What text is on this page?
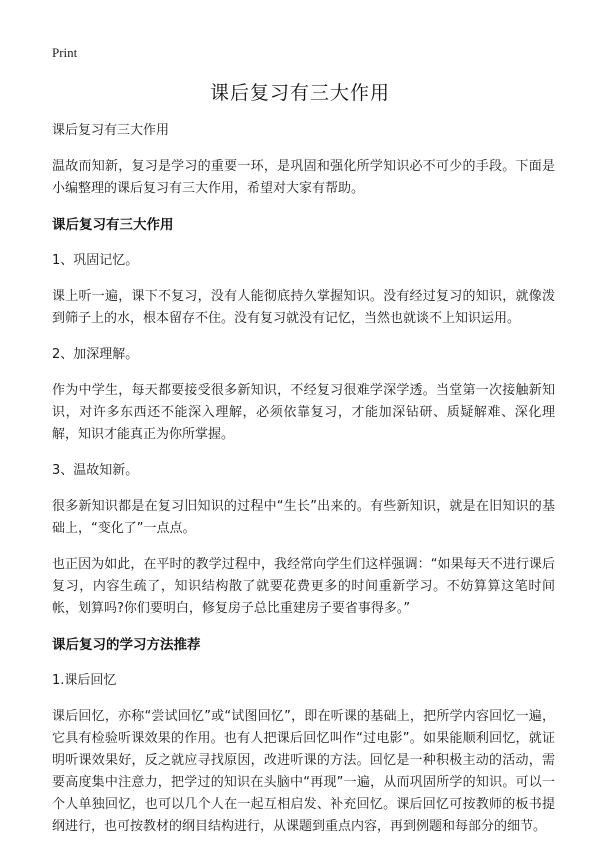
Print
课后复习有三大作用
课后复习有三大作用
温故而知新，复习是学习的重要一环，是巩固和强化所学知识必不可少的手段。下面是小编整理的课后复习有三大作用，希望对大家有帮助。
课后复习有三大作用
1、巩固记忆。
课上听一遍，课下不复习，没有人能彻底持久掌握知识。没有经过复习的知识，就像泼到筛子上的水，根本留存不住。没有复习就没有记忆，当然也就谈不上知识运用。
2、加深理解。
作为中学生，每天都要接受很多新知识，不经复习很难学深学透。当堂第一次接触新知识，对许多东西还不能深入理解，必须依靠复习，才能加深钻研、质疑解难、深化理解，知识才能真正为你所掌握。
3、温故知新。
很多新知识都是在复习旧知识的过程中“生长”出来的。有些新知识，就是在旧知识的基础上，“变化了”一点点。
也正因为如此，在平时的教学过程中，我经常向学生们这样强调：“如果每天不进行课后复习，内容生疏了，知识结构散了就要花费更多的时间重新学习。不妨算算这笔时间帐，划算吗?你们要明白，修复房子总比重建房子要省事得多。”
课后复习的学习方法推荐
1.课后回忆
课后回忆，亦称“尝试回忆”或“试图回忆”，即在听课的基础上，把所学内容回忆一遍，它具有检验听课效果的作用。也有人把课后回忆叫作“过电影”。如果能顺利回忆，就证明听课效果好，反之就应寻找原因，改进听课的方法。回忆是一种积极主动的活动，需要高度集中注意力，把学过的知识在头脑中“再现”一遍，从而巩固所学的知识。可以一个人单独回忆，也可以几个人在一起互相启发、补充回忆。课后回忆可按教师的板书提纲进行，也可按教材的纲目结构进行，从课题到重点内容，再到例题和每部分的细节。
